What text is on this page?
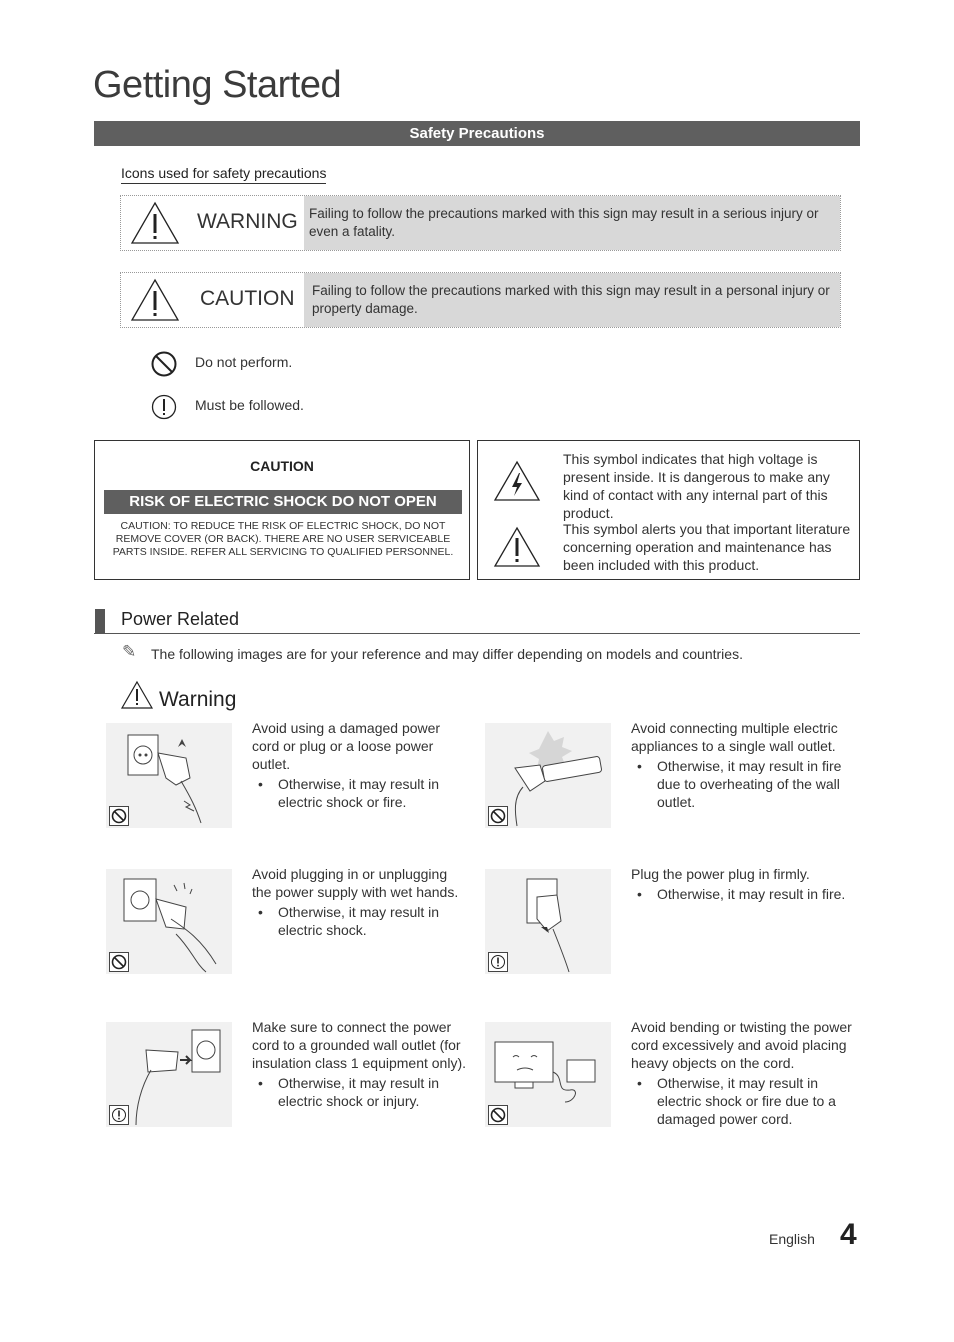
Getting Started
Safety Precautions
Icons used for safety precautions
WARNING Failing to follow the precautions marked with this sign may result in a serious injury or even a fatality.
CAUTION	Failing to follow the precautions marked with this sign may result in a personal injury or property damage.
Do not perform.
Must be followed.
CAUTION
RISK OF ELECTRIC SHOCK DO NOT OPEN
CAUTION: TO REDUCE THE RISK OF ELECTRIC SHOCK, DO NOT REMOVE COVER (OR BACK). THERE ARE NO USER SERVICEABLE PARTS INSIDE. REFER ALL SERVICING TO QUALIFIED PERSONNEL.
This symbol indicates that high voltage is present inside. It is dangerous to make any kind of contact with any internal part of this product.
This symbol alerts you that important literature concerning operation and maintenance has been included with this product.
Power Related
✎ The following images are for your reference and may differ depending on models and countries.
Warning
Avoid using a damaged power cord or plug or a loose power outlet.
• Otherwise, it may result in electric shock or fire.
Avoid connecting multiple electric appliances to a single wall outlet.
• Otherwise, it may result in fire due to overheating of the wall outlet.
Avoid plugging in or unplugging the power supply with wet hands.
• Otherwise, it may result in electric shock.
Plug the power plug in firmly.
• Otherwise, it may result in fire.
Make sure to connect the power cord to a grounded wall outlet (for insulation class 1 equipment only).
• Otherwise, it may result in electric shock or injury.
Avoid bending or twisting the power cord excessively and avoid placing heavy objects on the cord.
• Otherwise, it may result in electric shock or fire due to a damaged power cord.
English 4
